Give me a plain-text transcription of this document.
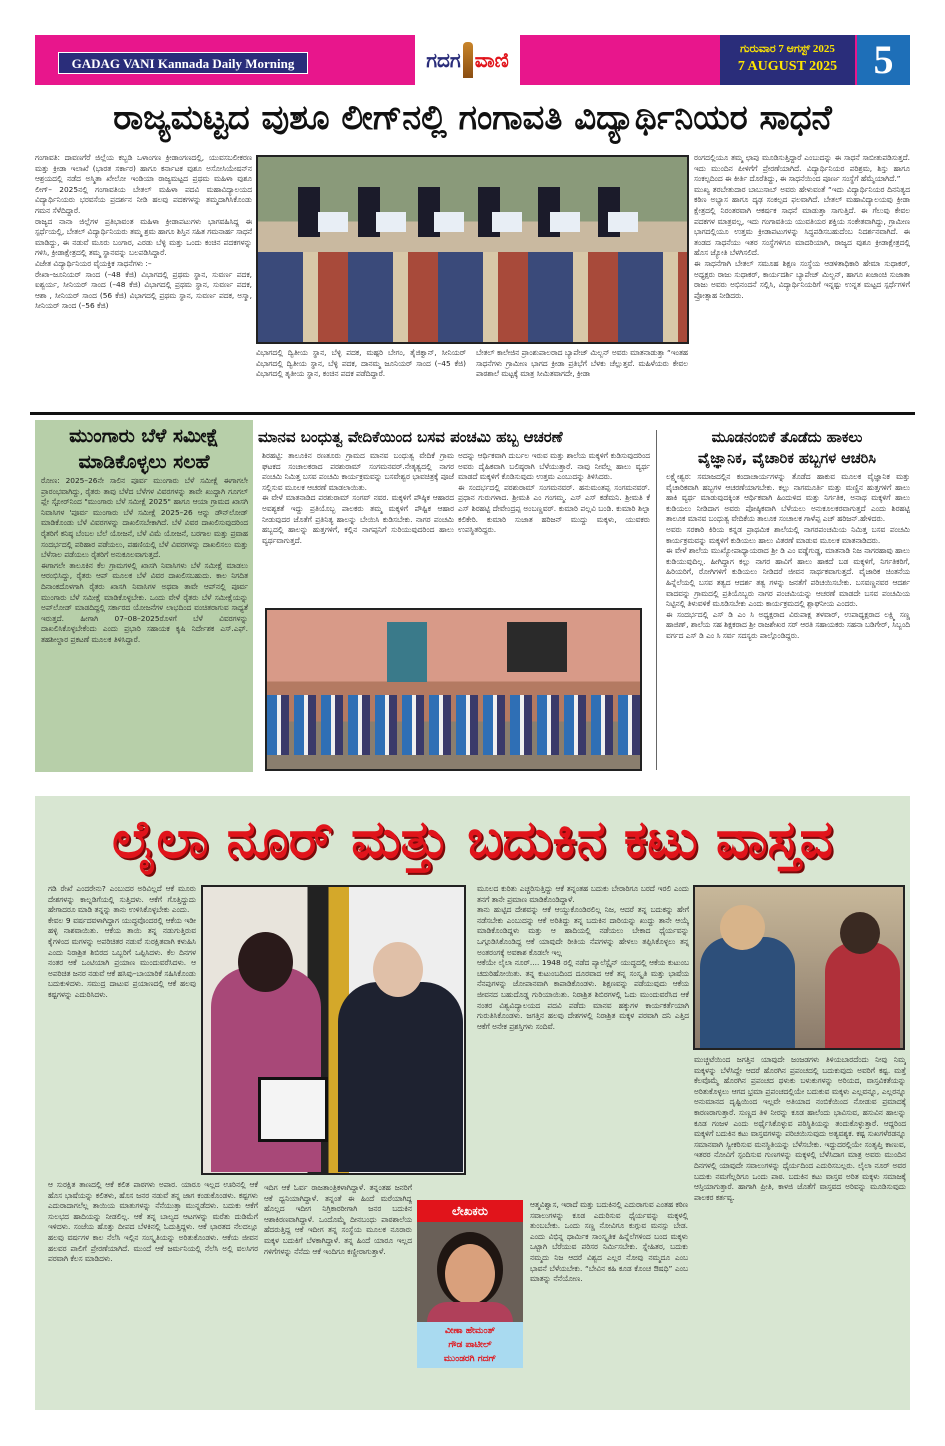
GADAG VANI Kannada Daily Morning	ಗದಗ ವಾಣಿ	ಗುರುವಾರ 7 ಆಗಸ್ಟ್ 2025
7 AUGUST 2025 5
ರಾಜ್ಯಮಟ್ಟದ ವುಶೂ ಲೀಗ್‌ನಲ್ಲಿ ಗಂಗಾವತಿ ವಿದ್ಯಾರ್ಥಿನಿಯರ ಸಾಧನೆ

ಗಂಗಾವತಿ: ದಾವಣಗೆರೆ ಜಿಲ್ಲೆಯ ಕಬ್ಬಡಿ ಒಳಾಂಗಣ ಕ್ರೀಡಾಂಗಣದಲ್ಲಿ, ಯುವಸಬಲೀಕರಣ ಮತ್ತು ಕ್ರೀಡಾ ಇಲಾಖೆ (ಭಾರತ ಸರ್ಕಾರ) ಹಾಗೂ ಕರ್ನಾಟಕ ವುಶೂ ಅಸೋಸಿಯೇಷನ್‌ನ ಆಶ್ರಯದಲ್ಲಿ ನಡೆದ ಅಸ್ಮಿತಾ ಖೇಲೋ ಇಂಡಿಯಾ ರಾಜ್ಯಮಟ್ಟದ ಪ್ರಥಮ ಮಹಿಳಾ ವುಶೂ ಲೀಗ್– 2025ನಲ್ಲಿ ಗಂಗಾವತಿಯ ಬೇತಲ್ ಮಹಿಳಾ ಪದವಿ ಮಹಾವಿದ್ಯಾಲಯದ ವಿದ್ಯಾರ್ಥಿನಿಯರು ಭರವಸೆಯ ಪ್ರದರ್ಶನ ನೀಡಿ ಹಲವು ಪದಕಗಳನ್ನು ತಮ್ಮದಾಗಿಸಿಕೊಂಡು ಗಮನ ಸೆಳೆದಿದ್ದಾರೆ.

ರಾಜ್ಯದ ನಾನಾ ಜಿಲ್ಲೆಗಳ ಪ್ರತಿಭಾವಂತ ಮಹಿಳಾ ಕ್ರೀಡಾಪಟುಗಳು ಭಾಗವಹಿಸಿದ್ದ ಈ ಸ್ಪರ್ಧೆಯಲ್ಲಿ, ಬೇತಲ್ ವಿದ್ಯಾರ್ಥಿನಿಯರು ತಮ್ಮ ಶ್ರಮ ಹಾಗೂ ಶಿಸ್ತಿನ ಸಹಿತ ಗಮನಾರ್ಹ ಸಾಧನೆ ಮಾಡಿದ್ದು, ಈ ನಡುವೆ ಮೂರು ಬಂಗಾರ, ಎರಡು ಬೆಳ್ಳಿ ಮತ್ತು ಒಂದು ಕಂಚಿನ ಪದಕಗಳನ್ನು ಗಳಿಸಿ, ಕ್ರೀಡಾಕ್ಷೇತ್ರದಲ್ಲಿ ತಮ್ಮ ಸ್ಥಾನವನ್ನು ಬಲಪಡಿಸಿದ್ದಾರೆ.

ವಿಜೇತ ವಿದ್ಯಾರ್ಥಿನಿಯರ ವೈಯಕ್ತಿಕ ಸಾಧನೆಗಳು :–

ರೇಖಾ–ಜೂನಿಯರ್ ಸಾಂದ (–48 ಕೆಜಿ) ವಿಭಾಗದಲ್ಲಿ ಪ್ರಥಮ ಸ್ಥಾನ, ಸುವರ್ಣ ಪದಕ, ಐಶ್ವರ್ಯ, ಸೀನಿಯರ್ ಸಾಂದ (–48 ಕೆಜಿ) ವಿಭಾಗದಲ್ಲಿ ಪ್ರಥಮ ಸ್ಥಾನ, ಸುವರ್ಣ ಪದಕ, ಆಶಾ , ಸೀನಿಯರ್ ಸಾಂದ (56 ಕೆಜಿ) ವಿಭಾಗದಲ್ಲಿ ಪ್ರಥಮ ಸ್ಥಾನ, ಸುವರ್ಣ ಪದಕ, ಅಸ್ಮಾ, ಸೀನಿಯರ್ ಸಾಂದ (–56 ಕೆಜಿ)

ವಿಭಾಗದಲ್ಲಿ ದ್ವಿತೀಯ ಸ್ಥಾನ, ಬೆಳ್ಳಿ ಪದಕ, ಮಹ್ಪರಿ ಬೇಗಂ, ತೈಜಿಕ್ವಾನ್, ಸೀನಿಯರ್ ವಿಭಾಗದಲ್ಲಿ ದ್ವಿತೀಯ ಸ್ಥಾನ, ಬೆಳ್ಳಿ ಪದಕ, ದಾನಮ್ಮ ಜೂನಿಯರ್ ಸಾಂದ (–45 ಕೆಜಿ) ವಿಭಾಗದಲ್ಲಿ ತೃತೀಯ ಸ್ಥಾನ, ಕಂಚಿನ ಪದಕ ಪಡೆದಿದ್ದಾರೆ.
ಬೇತಲ್ ಕಾಲೇಜಿನ ಪ್ರಾಂಶುಪಾಲರಾದ ಬ್ಯಾಪೇಜ್ ಮಿಲ್ಬನ್ ಅವರು ಮಾತನಾಡುತ್ತಾ “ಇಂತಹ ಸಾಧನೆಗಳು ಗ್ರಾಮೀಣ ಭಾಗದ ಕ್ರೀಡಾ ಪ್ರತಿಭೆಗೆ ಬೆಳಕು ಚೆಲ್ಲುತ್ತವೆ. ಮಹಿಳೆಯರು ಕೇವಲ ಪಾಠಶಾಲೆ ಮಟ್ಟಕ್ಕೆ ಮಾತ್ರ ಸೀಮಿತವಾಗದೇ, ಕ್ರೀಡಾ

ರಂಗದಲ್ಲಿಯೂ ತಮ್ಮ ಛಾಪು ಮೂಡಿಸುತ್ತಿದ್ದಾರೆ ಎಂಬುದನ್ನು ಈ ಸಾಧನೆ ಸಾಬೀತುಪಡಿಸುತ್ತದೆ. ಇದು ಮುಂದಿನ ಪೀಳಿಗೆಗೆ ಪ್ರೇರಣೆಯಾಗಿದೆ. ವಿದ್ಯಾರ್ಥಿನಿಯರ ಪರಿಶ್ರಮ, ಶಿಸ್ತು ಹಾಗೂ ಸಂಕಲ್ಪದಿಂದ ಈ ಕೀರ್ತಿ ದೊರೆತಿದ್ದು, ಈ ಸಾಧನೆಯಿಂದ ಪೂರ್ಣ ಸಂಸ್ಥೆಗೆ ಹೆಮ್ಮೆಯಾಗಿದೆ.”

ಮುಖ್ಯ ತರಬೇತುದಾರ ಬಾಬುಸಾಬ್ ಅವರು ಹೇಳುವಂತೆ “ಇದು ವಿದ್ಯಾರ್ಥಿನಿಯರ ದಿನನಿತ್ಯದ ಕಠಿಣ ಅಭ್ಯಾಸ ಹಾಗೂ ದೃಢ ಸಂಕಲ್ಪದ ಫಲವಾಗಿದೆ. ಬೇತಲ್ ಮಹಾವಿದ್ಯಾಲಯವು ಕ್ರೀಡಾ ಕ್ಷೇತ್ರದಲ್ಲಿ ನಿರಂತರವಾಗಿ ಆಕರ್ಷಕ ಸಾಧನೆ ಮಾಡುತ್ತಾ ಸಾಗುತ್ತಿದೆ. ಈ ಗೆಲುವು ಕೇವಲ ಪದಕಗಳ ಮಾತ್ರವಲ್ಲ, ಇದು ಗಂಗಾವತಿಯ ಯುವತಿಯರ ಶಕ್ತಿಯ ಸಂಕೇತವಾಗಿದ್ದು, ಗ್ರಾಮೀಣ ಭಾಗದಲ್ಲಿಯೂ ಉತ್ತಮ ಕ್ರೀಡಾಪಟುಗಳನ್ನು ಸಿದ್ಧಪಡಿಸಬಹುದೆಂಬ ನಿದರ್ಶನವಾಗಿದೆ. ಈ ತಂಡದ ಸಾಧನೆಯು ಇತರ ಸಂಸ್ಥೆಗಳಿಗೂ ಮಾದರಿಯಾಗಿ, ರಾಜ್ಯದ ವುಶೂ ಕ್ರೀಡಾಕ್ಷೇತ್ರದಲ್ಲಿ ಹೊಸ ಜ್ಯೋತಿ ಬೆಳಗಿಸಲಿದೆ.

ಈ ಸಾಧನೆಗಾಗಿ ಬೇತಲ್ ಸಮೂಹ ಶಿಕ್ಷಣ ಸಂಸ್ಥೆಯ ಆಡಳಿತಾಧಿಕಾರಿ ಹೇಮಾ ಸುಧಾಕರ್, ಅಧ್ಯಕ್ಷರು ರಾಜು ಸುಧಾಕರ್, ಕಾರ್ಯದರ್ಶಿ ಬ್ಯಾಪೇಜ್ ಮಿಲ್ಬನ್, ಹಾಗೂ ಖಜಾಂಚಿ ಸುಜಾತಾ ರಾಜು ಅವರು ಅಭಿನಂದನೆ ಸಲ್ಲಿಸಿ, ವಿದ್ಯಾರ್ಥಿನಿಯರಿಗೆ ಇನ್ನಷ್ಟು ಉನ್ನತ ಮಟ್ಟದ ಸ್ಪರ್ಧೆಗಳಿಗೆ ಪ್ರೋತ್ಸಾಹ ನೀಡಿದರು.

ಮುಂಗಾರು ಬೆಳೆ ಸಮೀಕ್ಷೆ
ಮಾಡಿಕೊಳ್ಳಲು ಸಲಹೆ

ರೋಣ: 2025–26ನೇ ಸಾಲಿನ ಪೂರ್ವ ಮುಂಗಾರು ಬೆಳೆ ಸಮೀಕ್ಷೆ ಈಗಾಗಲೇ ಪ್ರಾರಂಭವಾಗಿದ್ದು, ರೈತರು ತಾವು ಬೆಳೆದ ಬೆಳೆಗಳ ವಿವರಗಳನ್ನು ತಾವೇ ಖುದ್ದಾಗಿ ಗೂಗಲ್ ಪ್ಲೇ ಸ್ಟೋರ್‌ನಿಂದ "ಮುಂಗಾರು ಬೆಳೆ ಸಮೀಕ್ಷೆ 2025" ಹಾಗೂ ಆಯಾ ಗ್ರಾಮದ ಖಾಸಗಿ ನಿವಾಸಿಗಳ 'ಪೂರ್ವ ಮುಂಗಾರು ಬೆಳೆ ಸಮೀಕ್ಷೆ 2025–26 ಆನ್ನು ಡೌನ್‌ಲೋಡ್ ಮಾಡಿಕೊಂಡು ಬೆಳೆ ವಿವರಗಳನ್ನು ದಾಖಲಿಸಬೇಕಾಗಿದೆ. ಬೆಳೆ ವಿವರ ದಾಖಲಿಸುವುದರಿಂದ ರೈತರಿಗೆ ಕನಿಷ್ಠ ಬೆಂಬಲ ಬೆಲೆ ಯೋಜನೆ, ಬೆಳೆ ವಿಮೆ ಯೋಜನೆ, ಬರಗಾಲ ಮತ್ತು ಪ್ರವಾಹ ಸಂದರ್ಭದಲ್ಲಿ ಪರಿಹಾರ ಪಡೆಯಲು, ಪಹಣಿಯಲ್ಲಿ ಬೆಳೆ ವಿವರಗಳನ್ನು ದಾಖಲಿಸಲು ಮತ್ತು ಬೆಳೆಸಾಲ ಪಡೆಯಲು ರೈತರಿಗೆ ಅನುಕೂಲವಾಗುತ್ತದೆ.

ಈಗಾಗಲೇ ತಾಲೂಕಿನ ಕೆಲ ಗ್ರಾಮಗಳಲ್ಲಿ ಖಾಸಗಿ ನಿವಾಸಿಗಳು ಬೆಳೆ ಸಮೀಕ್ಷೆ ಮಾಡಲು ಆರಂಭಿಸಿದ್ದು, ರೈತರು ಆಪ್ ಮೂಲಕ ಬೆಳೆ ವಿವರ ದಾಖಲಿಸಬಹುದು. ಕಾಲ ನಿಗದಿತ ದಿನಾಂಕದೊಳಗಾಗಿ ರೈತರು ಖಾಸಗಿ ನಿವಾಸಿಗಳ ಅಥವಾ ತಾವೇ ಆಪ್‌ನಲ್ಲಿ ಪೂರ್ವ ಮುಂಗಾರು ಬೆಳೆ ಸಮೀಕ್ಷೆ ಮಾಡಿಕೊಳ್ಳಬೇಕು. ಒಂದು ವೇಳೆ ರೈತರು ಬೆಳೆ ಸಮೀಕ್ಷೆಯನ್ನು ಅಪ್‌ಲೋಡ್ ಮಾಡದಿದ್ದಲ್ಲಿ ಸರ್ಕಾರದ ಯೋಜನೆಗಳ ಲಾಭದಿಂದ ವಂಚಿತರಾಗುವ ಸಾಧ್ಯತೆ ಇರುತ್ತದೆ. ಹೀಗಾಗಿ 07–08–2025ರೊಳಗೆ ಬೆಳೆ ವಿವರಗಳನ್ನು ದಾಖಲಿಸಿಕೊಳ್ಳಬೇಕೆಂದು ಎಂದು ಪ್ರಭಾರಿ ಸಹಾಯಕ ಕೃಷಿ ನಿರ್ದೇಶಕ ಎಸ್.ಎಫ್. ತಹಶೀಲ್ದಾರ ಪ್ರಕಟಣೆ ಮೂಲಕ ತಿಳಿಸಿದ್ದಾರೆ.

ಮಾನವ ಬಂಧುತ್ವ ವೇದಿಕೆಯಿಂದ ಬಸವ ಪಂಚಮಿ ಹಬ್ಬ ಆಚರಣೆ

ಶಿರಹಟ್ಟಿ: ತಾಲೂಕಿನ ರಣತೂರು ಗ್ರಾಮದ ಮಾನವ ಬಂಧುತ್ವ ವೇದಿಕೆ ಗ್ರಾಮ ಘಟಕದ ಸಂಚಾಲಕರಾದ ಪರಶುರಾಮ್ ಸಂಗಮನವರ್.ನೇತೃತ್ವದಲ್ಲಿ ನಾಗರ ಪಂಚಮಿ ನಿಮಿತ್ತ ಬಸವ ಪಂಚಮಿ ಕಾರ್ಯಕ್ರಮವನ್ನು ಬಸವೇಶ್ವರ ಭಾವಚಿತ್ರಕ್ಕೆ ಪೂಜೆ ಸಲ್ಲಿಸುವ ಮೂಲಕ ಆಚರಣೆ ಮಾಡಲಾಯಿತು.

ಈ ವೇಳೆ ಮಾತನಾಡಿದ ಪರಶುರಾಮ್ ಸಂಗವ್ ನವರ. ಮಕ್ಕಳಿಗೆ ಪೌಷ್ಠಿಕ ಆಹಾರದ ಅವಶ್ಯಕತೆ ಇದ್ದು ಪ್ರತಿಯೊಬ್ಬ ಪಾಲಕರು ತಮ್ಮ ಮಕ್ಕಳಿಗೆ ಪೌಷ್ಟಿಕ ಆಹಾರ ನೀಡುವುದರ ಜೊತೆಗೆ ಪ್ರತಿನಿತ್ಯ ಹಾಲನ್ನು ಬೇಯಿಸಿ ಕುಡಿಸಬೇಕು. ನಾಗರ ಪಂಚಮಿ ಹಬ್ಬದಲ್ಲಿ ಹಾಲನ್ನು ಹುತ್ತಗಳಿಗೆ, ಕಲ್ಲಿನ ನಾಗಪ್ಪನಿಗೆ ಸುರಿಯುವುದರಿಂದ ಹಾಲು ವ್ಯರ್ಥವಾಗುತ್ತದೆ.

ಅದನ್ನು ಆರ್ಥಿಕವಾಗಿ ದುರ್ಬಲ ಇರುವ ಮತ್ತು ಶಾಲೆಯ ಮಕ್ಕಳಿಗೆ ಕುಡಿಸುವುದರಿಂದ ಅವರು ದೈಹಿಕವಾಗಿ ಬಲಿಷ್ಠರಾಗಿ ಬೆಳೆಯುತ್ತಾರೆ. ನಾವು ನೀವೆಲ್ಲ ಹಾಲು ವ್ಯರ್ಥ ಮಾಡದೆ ಮಕ್ಕಳಿಗೆ ಕೊಡಿಸುವುದು ಉತ್ತಮ ಎಂಬುದನ್ನು ತಿಳಿಸಿದರು.

ಈ ಸಂದರ್ಭದಲ್ಲಿ ಪರಶುರಾಮ್ ಸಂಗಮನವರ್. ಹನುಮಂತಪ್ಪ ಸಂಗಮನವರ್. ಪ್ರಧಾನ ಗುರುಗಳಾದ. ಶ್ರೀಮತಿ ಎಂ ಗಂಗಮ್ಮ. ಎಸ್ ಎಸ್ ಕಡೆಮನಿ. ಶ್ರೀಮತಿ ಕೆ ಎಸ್ ಶಿರಹಟ್ಟಿ ದೇವೇಂದ್ರಪ್ಪ ಅಂಬಣ್ಣವರ್. ಕುಮಾರಿ ಪಲ್ಲವಿ ಬಂಡಿ. ಕುಮಾರಿ ಶಿಲ್ಪಾ ಕಲಿಕೇರಿ. ಕುಮಾರಿ ಸುಜಾತ ಹರಿಜನ್ ಮುದ್ದು ಮಕ್ಕಳು, ಯುವಕರು ಉಪಸ್ಥಿತರಿದ್ದರು.

ಮೂಡನಂಬಿಕೆ ತೊಡೆದು ಹಾಕಲು
ವೈಜ್ಞಾನಿಕ, ವೈಚಾರಿಕ ಹಬ್ಬಗಳ ಆಚರಿಸಿ

ಲಕ್ಷ್ಮೇಶ್ವರ: ಸಮಾಜದಲ್ಲಿನ ಕಂದಾಚಾರ್ಯಗಳನ್ನು ತೊಡೆದ ಹಾಕುವ ಮೂಲಕ ವೈಜ್ಞಾನಿಕ ಮತ್ತು ವೈಚಾರಿಕವಾಗಿ ಹಬ್ಬಗಳ ಆಚರಣೆಯಾಗಬೇಕು. ಕಲ್ಲು ನಾಗಮೂರ್ತಿ ಮತ್ತು ಮಣ್ಣಿನ ಹುತ್ತಗಳಿಗೆ ಹಾಲು ಹಾಕಿ ವ್ಯರ್ಥ ಮಾಡುವುದಕ್ಕಿಂತ ಆರ್ಥಿಕವಾಗಿ ಹಿಂದುಳಿದ ಮತ್ತು ನಿರ್ಗತಿಕ, ಅನಾಥ ಮಕ್ಕಳಿಗೆ ಹಾಲು ಕುಡಿಯಲು ನೀಡಿದಾಗ ಅವರು ಪೋಷ್ಠಿಕವಾಗಿ ಬೆಳೆಯಲು ಅನುಕೂಲಕರವಾಗುತ್ತದೆ ಎಂದು ಶಿರಹಟ್ಟಿ ತಾಲೂಕ ಮಾನವ ಬಂಧುತ್ವ ವೇದಿಕೆಯ ತಾಲೂಕ ಸಂಚಾಲಕ ಗಾಳೆಪ್ಪ ಎಚ್ ಹರಿಜನ್.ಹೇಳಿದರು.

ಅವರು ಸರಕಾರಿ ಕಿರಿಯ ಕನ್ನಡ ಪ್ರಾಥಮಿಕ ಶಾಲೆಯಲ್ಲಿ ನಾಗರಪಂಚಮಿಯ ನಿಮಿತ್ತ ಬಸವ ಪಂಚಮಿ ಕಾರ್ಯಕ್ರಮವನ್ನು ಮಕ್ಕಳಿಗೆ ಕುಡಿಯಲು ಹಾಲು ವಿತರಣೆ ಮಾಡುವ ಮೂಲಕ ಮಾತನಾಡಿದರು.

ಈ ವೇಳೆ ಶಾಲೆಯ ಮುಖ್ಯೋಪಾಧ್ಯಾಯರಾದ ಶ್ರೀ ಡಿ ಎಂ ವಡ್ಡೆಗುಡ್ಡ, ಮಾತನಾಡಿ ನಿಜ ನಾಗರಹಾವು ಹಾಲು ಕುಡಿಯುವುದಿಲ್ಲ. ಹೀಗಿದ್ದಾಗ ಕಲ್ಲು ನಾಗರ ಹಾವಿಗೆ ಹಾಲು ಹಾಕದೆ ಬಡ ಮಕ್ಕಳಿಗೆ, ನಿರ್ಗತಿಕರಿಗೆ, ಹಿರಿಯರಿಗೆ, ರೋಗಿಗಳಿಗೆ ಕುಡಿಯಲು ನೀಡಿದರೆ ಜೀವನ ಸಾರ್ಥಕವಾಗುತ್ತದೆ. ವೈಜಾರಿಕ ಚಿಂತನೆಯ ಹಿನ್ನೆಲೆಯಲ್ಲಿ ಬಸವ ತತ್ವದ ಆದರ್ಶ ತತ್ವ ಗಳನ್ನು ಜನತೆಗೆ ಪರಿಚಯಿಸಬೇಕು. ಬಸವಣ್ಣನವರ ಆದರ್ಶ ವಾದವನ್ನು ಗ್ರಾಮದಲ್ಲಿ ಪ್ರತಿಯೊಬ್ಬರು ನಾಗರ ಪಂಚಮಿಯನ್ನು ಆಚರಣೆ ಮಾಡದೇ ಬಸವ ಪಂಚಮಿಯ ನಿಟ್ಟಿನಲ್ಲಿ ತಿಳುವಳಿಕೆ ಮೂಡಿಸಬೇಕು ಎಂದು ಕಾರ್ಯಕ್ರಮದಲ್ಲಿ ಶ್ಲಾಘನೀಯ ಎಂದರು.

ಈ ಸಂದರ್ಭದಲ್ಲಿ ಎಸ್ ಡಿ ಎಂ ಸಿ ಅಧ್ಯಕ್ಷರಾದ ವಿರುಪಾಕ್ಷ ತಳವಾರ್, ಉಪಾಧ್ಯಕ್ಷರಾದ ಲಕ್ಷ್ಮಿ ಸಣ್ಣ ಹಾಜಿಣ್, ಶಾಲೆಯ ಸಹ ಶಿಕ್ಷಕರಾದ ಶ್ರೀ ರಾಜಶೇಖರ ಸರ್ ಆರತಿ ಸಹಾಯಕರು ಸಹನಾ ಬಡಿಗೇರ್, ಸಿಬ್ಬಂದಿ ವರ್ಗದ ಎಸ್ ಡಿ ಎಂ ಸಿ ಸರ್ವ ಸದಸ್ಯರು ಪಾಲ್ಗೊಂಡಿದ್ದರು.

ಲೈಲಾ ನೂರ್ ಮತ್ತು ಬದುಕಿನ ಕಟು ವಾಸ್ತವ

ಗಡಿ ರೇಖೆ ಎಂದರೇನು? ಎಂಬುದರ ಅರಿವಿಲ್ಲದೆ ಆಕೆ ಮೂರು ದೇಶಗಳನ್ನು ಕಾಲ್ನಡಿಗೆಯಲ್ಲಿ ಸುತ್ತಿದಳು. ಆಕೆಗೆ ಗೊತ್ತಿದ್ದುದು ಹೇಗಾದರೂ ಮಾಡಿ ತನ್ನನ್ನು ತಾನು ಉಳಿಸಿಕೊಳ್ಳಬೇಕು ಎಂದು.

ಕೇವಲ 9 ವರ್ಷದವಳಾಗಿದ್ದಾಗ ಯುದ್ಧವೊಂದರಲ್ಲಿ ಆಕೆಯ ಇಡೀ ಹಳ್ಳಿ ನಾಶವಾಯಿತು. ಆಕೆಯ ತಾಯಿ ತನ್ನ ನಡುಗುತ್ತಿರುವ ಕೈಗಳಿಂದ ಮಗಳನ್ನು ಅಪರಿಚಿತರ ನಡುವೆ ಸುರಕ್ಷಿತವಾಗಿ ಕಳುಹಿಸಿ ಎಂದು ನಿರಾಶ್ರಿತ ಶಿಬಿರದ ಒಬ್ಬರಿಗೆ ಒಪ್ಪಿಸಿದಳು. ಕೆಲ ದಿನಗಳ ನಂತರ ಆಕೆ ಒಂಟಿಯಾಗಿ ಪ್ರಯಾಣ ಮುಂದುವರೆಸಿದಳು. ಆ ಅಪರಿಚಿತ ಜನರ ನಡುವೆ ಆಕೆ ಹಸಿವು–ಬಾಯಾರಿಕೆ ಸಹಿಸಿಕೊಂಡು ಬದುಕುಳಿದಳು. ಸಮುದ್ರ ದಾಟುವ ಪ್ರಯಾಣದಲ್ಲಿ ಆಕೆ ಹಲವು ಕಷ್ಟಗಳನ್ನು ಎದುರಿಸಿದಳು.

ಮೂಲದ ಕುರಿತು ಎಚ್ಚರಿಸುತ್ತಿದ್ದು ಆಕೆ ತನ್ನಂತಹ ಬದುಕು ಬೇರಾರಿಗೂ ಬರದೆ ಇರಲಿ ಎಂದು ತನಗೆ ತಾನೇ ಪ್ರಮಾಣ ಮಾಡಿಕೊಂಡಿದ್ದಾಳೆ.

ತಾನು ಹುಟ್ಟಿದ ದೇಶವನ್ನು ಆಕೆ ಆಯ್ದುಕೊಂಡಿರಲಿಲ್ಲ ನಿಜ, ಆದರೆ ತನ್ನ ಬದುಕನ್ನು ಹೇಗೆ ನಡೆಸಬೇಕು ಎಂಬುದನ್ನು ಆಕೆ ಅರಿತಿದ್ದು ತನ್ನ ಬದುಕಿನ ದಾರಿಯನ್ನು ಖುದ್ದು ತಾನೇ ಆಯ್ಕೆ ಮಾಡಿಕೊಂಡಿದ್ದಳು ಮತ್ತು ಆ ಹಾದಿಯಲ್ಲಿ ನಡೆಯಲು ಬೇಕಾದ ಧೈರ್ಯವನ್ನು ಒಗ್ಗೂಡಿಸಿಕೊಂಡಿದ್ದ ಆಕೆ ಯಾವುದೇ ರೀತಿಯ ನೆಪಗಳನ್ನು ಹೇಳಲು ತಪ್ಪಿಸಿಕೊಳ್ಳಲು ತನ್ನ ಅಂತರಂಗಕ್ಕೆ ಅವಕಾಶ ಕೊಡಲೇ ಇಲ್ಲ

ಆಕೆಯೇ ಲೈಲಾ ನೂರ್.... 1948 ರಲ್ಲಿ ನಡೆದ ಪ್ಯಾಲೆಸ್ಟೈನ್ ಯುದ್ಧದಲ್ಲಿ ಆಕೆಯ ಕುಟುಂಬ ಚದುರಿಹೋಯಿತು. ತನ್ನ ಕುಟುಂಬದಿಂದ ದೂರವಾದ ಆಕೆ ತನ್ನ ಸಂಸ್ಕೃತಿ ಮತ್ತು ಭಾಷೆಯ ನೆನಪುಗಳನ್ನು ಜೋಪಾನವಾಗಿ ಕಾಪಾಡಿಕೊಂಡಳು. ಶಿಕ್ಷಣವನ್ನು ಪಡೆಯುವುದು ಆಕೆಯ ಜೀವನದ ಬಹುದೊಡ್ಡ ಗುರಿಯಾಯಿತು. ನಿರಾಶ್ರಿತ ಶಿಬಿರಗಳಲ್ಲಿ ಓದು ಮುಂದುವರೆಸಿದ ಆಕೆ ನಂತರ ವಿಶ್ವವಿದ್ಯಾಲಯದ ಪದವಿ ಪಡೆದು ಮಾನವ ಹಕ್ಕುಗಳ ಕಾರ್ಯಕರ್ತೆಯಾಗಿ ಗುರುತಿಸಿಕೊಂಡಳು. ಜಗತ್ತಿನ ಹಲವು ದೇಶಗಳಲ್ಲಿ ನಿರಾಶ್ರಿತ ಮಕ್ಕಳ ಪರವಾಗಿ ದನಿ ಎತ್ತಿದ ಆಕೆಗೆ ಅನೇಕ ಪ್ರಶಸ್ತಿಗಳು ಸಂದಿವೆ.

ಮುಚ್ಚಟೆಯಿಂದ ಜಗತ್ತಿನ ಯಾವುದೇ ಜಂಜಡಗಳು ತಿಳಿಯಬಾರದೆಂದು ನೀವು ನಿಮ್ಮ ಮಕ್ಕಳನ್ನು ಬೆಳೆಸಿದ್ದೇ ಆದರೆ ಹೊರಗಿನ ಪ್ರಪಂಚದಲ್ಲಿ ಬದುಕುವುದು ಅವರಿಗೆ ಕಷ್ಟ. ಮತ್ತೆ ಕೆಲವೊಮ್ಮೆ ಹೊರಗಿನ ಪ್ರಪಂಚದ ಥಳುಕು ಬಳುಕುಗಳನ್ನು ಅರಿಯದ, ವಾಸ್ತವಿಕತೆಯನ್ನು ಅರಿತುಕೊಳ್ಳಲು ಆಗದ ಭ್ರಮಾ ಪ್ರಪಂಚದಲ್ಲಿಯೇ ಬದುಕುವ ಮಕ್ಕಳು ಎಲ್ಲವನ್ನೂ, ಎಲ್ಲರನ್ನೂ ಅನುಮಾನದ ದೃಷ್ಟಿಯಿಂದ ಇಲ್ಲವೇ ಅತಿಯಾದ ನಂಬಿಕೆಯಿಂದ ನೋಡುವ ಪ್ರಮಾದಕ್ಕೆ ಕಾರಣರಾಗುತ್ತಾರೆ. ಸುಣ್ಣದ ತಿಳಿ ನೀರನ್ನು ಕೂಡ ಹಾಲೆಂದು ಭಾವಿಸುವ, ಹಸುವಿನ ಹಾಲನ್ನು ಕೂಡ ಗಂಜಳ ಎಂದು ಅರ್ಥೈಸಿಕೊಳ್ಳುವ ಪರಿಸ್ಥಿತಿಯನ್ನು ತಂದುಕೊಳ್ಳುತ್ತಾರೆ. ಆದ್ದರಿಂದ ಮಕ್ಕಳಿಗೆ ಬದುಕಿನ ಕಟು ವಾಸ್ತವಗಳನ್ನು ಪರಿಚಯಿಸುವುದು ಅತ್ಯವಶ್ಯಕ. ಕಷ್ಟ ಸುಖಗಳೆರಡನ್ನೂ ಸಮಾನವಾಗಿ ಸ್ವೀಕರಿಸುವ ಮನಸ್ಥಿತಿಯನ್ನು ಬೆಳೆಸಬೇಕು. ಇದ್ದುದರಲ್ಲಿಯೇ ಸಂತೃಪ್ತಿ ಕಾಣುವ, ಇತರರ ನೋವಿಗೆ ಸ್ಪಂದಿಸುವ ಗುಣಗಳನ್ನು ಮಕ್ಕಳಲ್ಲಿ ಬೆಳೆಸಿದಾಗ ಮಾತ್ರ ಅವರು ಮುಂದಿನ ದಿನಗಳಲ್ಲಿ ಯಾವುದೇ ಸವಾಲುಗಳನ್ನು ಧೈರ್ಯದಿಂದ ಎದುರಿಸಬಲ್ಲರು. ಲೈಲಾ ನೂರ್ ಅವರ ಬದುಕು ನಮಗೆಲ್ಲರಿಗೂ ಒಂದು ಪಾಠ. ಬದುಕಿನ ಕಟು ವಾಸ್ತವ ಅರಿತ ಮಕ್ಕಳು ಸಮಾಜಕ್ಕೆ ಆಸ್ತಿಯಾಗುತ್ತಾರೆ. ಹಾಗಾಗಿ ಪ್ರೀತಿ, ಕಾಳಜಿ ಜೊತೆಗೆ ವಾಸ್ತವದ ಅರಿವನ್ನು ಮೂಡಿಸುವುದು ಪಾಲಕರ ಕರ್ತವ್ಯ.
ಆ ಸುರಕ್ಷಿತ ತಾಣದಲ್ಲಿ ಆಕೆ ಕಲಿತ ಪಾಠಗಳು ಅಪಾರ. ಯಾರೂ ಇಲ್ಲದ ಊರಿನಲ್ಲಿ ಆಕೆ ಹೊಸ ಭಾಷೆಯನ್ನು ಕಲಿತಳು, ಹೊಸ ಜನರ ನಡುವೆ ತನ್ನ ಜಾಗ ಕಂಡುಕೊಂಡಳು. ಕಷ್ಟಗಳು ಎದುರಾದಾಗಲೆಲ್ಲ ತಾಯಿಯ ಮಾತುಗಳನ್ನು ನೆನೆಯುತ್ತಾ ಮುನ್ನಡೆದಳು. ಬದುಕು ಆಕೆಗೆ ಸುಲಭದ ಹಾದಿಯನ್ನು ನೀಡಲಿಲ್ಲ. ಆಕೆ ತನ್ನ ಬಾಲ್ಯದ ಆಟಗಳನ್ನು ಮರೆತು ದುಡಿಮೆಗೆ ಇಳಿದಳು. ಸಂಜೆಯ ಹೊತ್ತು ದೀಪದ ಬೆಳಕಿನಲ್ಲಿ ಓದುತ್ತಿದ್ದಳು. ಆಕೆ ಭಾರತದ ನೆಲದಲ್ಲೂ ಹಲವು ವರ್ಷಗಳ ಕಾಲ ನೆಲೆಸಿ ಇಲ್ಲಿನ ಸಂಸ್ಕೃತಿಯನ್ನು ಅರಿತುಕೊಂಡಳು. ಆಕೆಯ ಜೀವನ ಹಲವರ ಪಾಲಿಗೆ ಪ್ರೇರಣೆಯಾಗಿದೆ. ಮುಂದೆ ಆಕೆ ಜರ್ಮನಿಯಲ್ಲಿ ನೆಲೆಸಿ ಅಲ್ಲಿ ವಲಸಿಗರ ಪರವಾಗಿ ಕೆಲಸ ಮಾಡಿದಳು.
ಇದಿಗ ಆಕೆ ಓರ್ವ ರಾಜತಾಂತ್ರಿಕಳಾಗಿದ್ದಾಳೆ. ತನ್ನಂತಹ ಜನರಿಗೆ ಆಕೆ ಧ್ವನಿಯಾಗಿದ್ದಾಳೆ. ತನ್ನಂತೆ ಈ ಹಿಂದೆ ಮರೆಯಾಗಿದ್ದ ಹೊಲ್ಲದ ಇದೀಗ ನಿಗ್ರಿಕಾರರೀಗಾಗಿ ಜನರ ಬದುಕಿನ ಆಶಾಕಿರಣವಾಗಿದ್ದಾಳೆ. ಒಂದೊಮ್ಮೆ ದೀನಬಂಧು ಪಾಠಶಾಲೆಯ ಹೆದರುತ್ತಿದ್ದ ಆಕೆ ಇದೀಗ ತನ್ನ ಸಂಸ್ಥೆಯ ಮೂಲಕ ನೂರಾರು ಮಕ್ಕಳ ಬದುಕಿಗೆ ಬೆಳಕಾಗಿದ್ದಾಳೆ. ತನ್ನ ಹಿಂದೆ ಯಾರೂ ಇಲ್ಲದ ಗಳಿಗೆಗಳನ್ನು ನೆನೆದು ಆಕೆ ಇಂದಿಗೂ ಕಣ್ಣೀರಾಗುತ್ತಾಳೆ.
ಲೇಖಕರು
ವೀಣಾ ಹೇಮಂತ್
ಗೌಡ ಪಾಟೀಲ್
ಮುಂಡರಗಿ ಗದಗ್
ಆತ್ಮವಿಶ್ವಾಸ, ಇರಾದೆ ಮತ್ತು ಬದುಕಿನಲ್ಲಿ ಎದುರಾಗುವ ಎಂತಹ ಕಠಿಣ ಸವಾಲುಗಳನ್ನು ಕೂಡ ಎದುರಿಸುವ ಧೈರ್ಯವನ್ನು ಮಕ್ಕಳಲ್ಲಿ ತುಂಬಬೇಕು. ಒಂದು ಸಣ್ಣ ನೋವಿಗೂ ಕುಗ್ಗುವ ಮನಸ್ಸು ಬೇಡ. ಎಂದು ವಿಭಿನ್ನ ಧಾರ್ಮಿಕ ಸಾಂಸ್ಕೃತಿಕ ಹಿನ್ನೆಲೆಗಳಿಂದ ಬಂದ ಮಕ್ಕಳು ಒಟ್ಟಾಗಿ ಬೆರೆಯುವ ಪರಿಸರ ನಿರ್ಮಿಸಬೇಕು. ಸ್ನೇಹಿತರ, ಬದುಕು ನಮ್ಮದು ನಿಜ ಆದರೆ ವಿಶ್ವದ ಎಲ್ಲರ ನೋವು ನಮ್ಮದೂ ಎಂಬ ಭಾವನೆ ಬೆಳೆಯಬೇಕು. “ಬೇವಿನ ಕಹಿ ಕೂಡ ಕೊಂಚ ಔಷಧಿ” ಎಂಬ ಮಾತನ್ನು ನೆನೆಯೋಣ.
